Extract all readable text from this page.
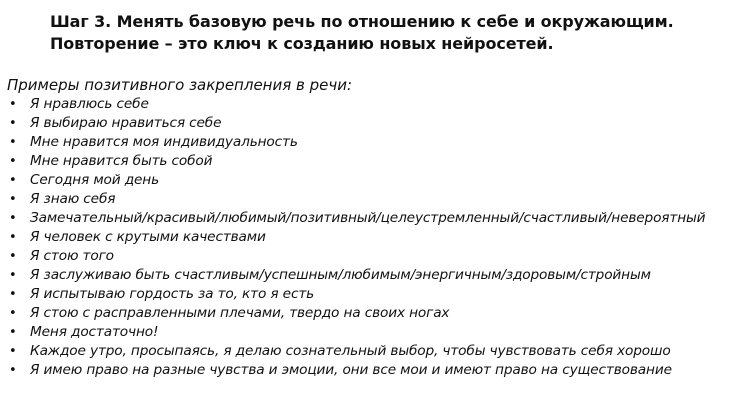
Шаг 3. Менять базовую речь по отношению к себе и окружающим.
Повторение – это ключ к созданию новых нейросетей.
Примеры позитивного закрепления в речи:
• Я нравлюсь себе
• Я выбираю нравиться себе
• Мне нравится моя индивидуальность
• Мне нравится быть собой
• Сегодня мой день
• Я знаю себя
• Замечательный/красивый/любимый/позитивный/целеустремленный/счастливый/невероятный
• Я человек с крутыми качествами
• Я стою того
• Я заслуживаю быть счастливым/успешным/любимым/энергичным/здоровым/стройным
• Я испытываю гордость за то, кто я есть
• Я стою с расправленными плечами, твердо на своих ногах
• Меня достаточно!
• Каждое утро, просыпаясь, я делаю сознательный выбор, чтобы чувствовать себя хорошо
• Я имею право на разные чувства и эмоции, они все мои и имеют право на существование
